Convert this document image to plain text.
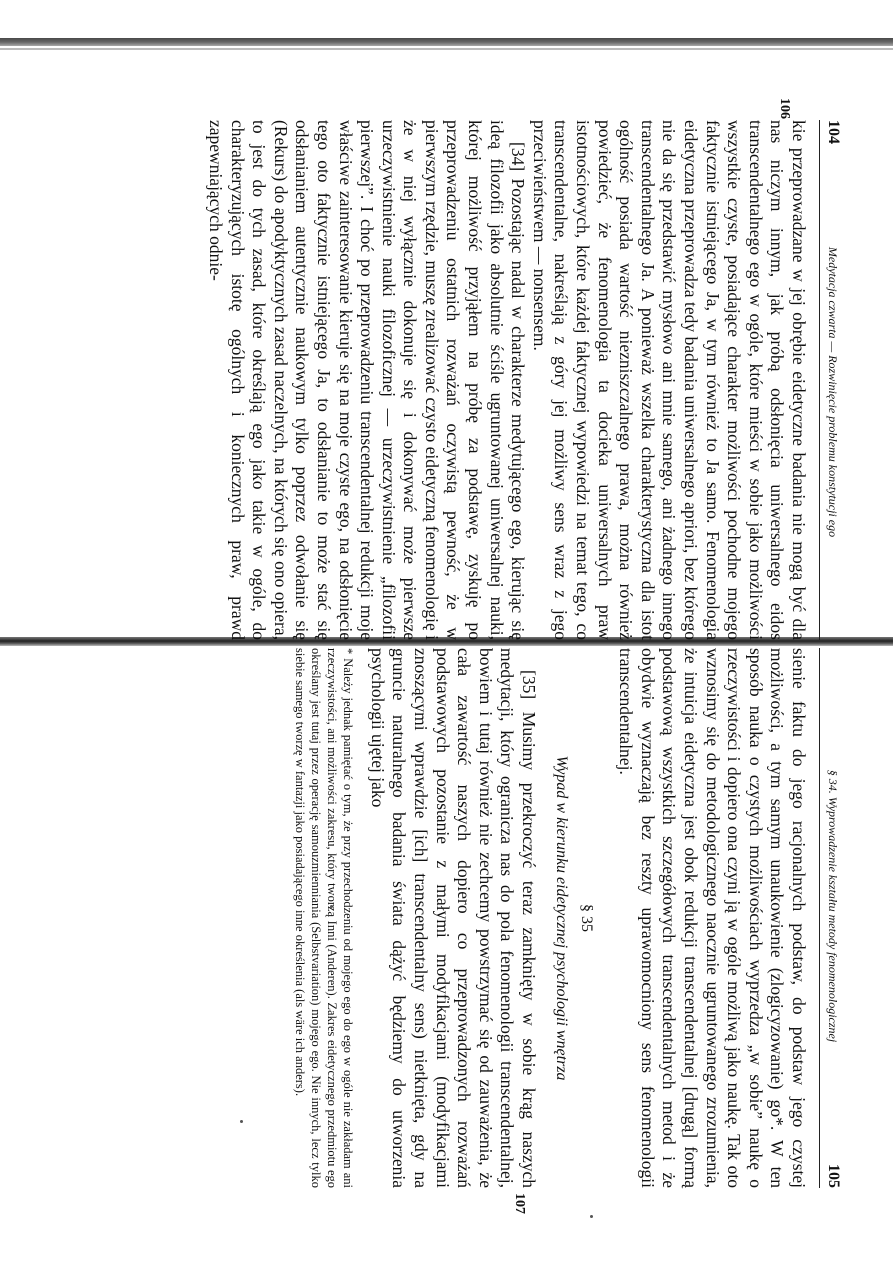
104
Medytacja czwarta — Rozwinięcie problemu konstytucji ego
106

kie przeprowadzane w jej obrębie eidetyczne badania nie mogą być dla nas niczym innym, jak próbą odsłonięcia uniwersalnego eidos transcendentalnego ego w ogóle, które mieści w sobie jako możliwości wszystkie czyste, posiadające charakter możliwości pochodne mojego faktycznie istniejącego Ja, w tym również to Ja samo. Fenomenologia eidetyczna przeprowadza tedy badania uniwersalnego apriori, bez którego nie da się przedstawić mysłowo ani mnie samego, ani żadnego innego transcendentalnego Ja. A ponieważ wszelka charakterystyczna dla istot ogólność posiada wartość niezniszczalnego prawa, można również powiedzieć, że fenomenologia ta dociekа uniwersalnych praw istotnościowych, które każdej faktycznej wypowiedzi na temat tego, co transcendentalne, nakreślają z góry jej możliwy sens wraz z jego przeciwieństwem — nonsensem.

[34] Pozostając nadal w charakterze medytującego ego, kierując się ideą filozofii jako absolutnie ściśle ugruntowanej uniwersalnej nauki, której możliwość przyjąłem na próbę za podstawę, zyskuję po przeprowadzeniu ostatnich rozważań oczywistą pewność, że w pierwszym rzędzie, muszę zrealizować czysto eidetyczną fenomenologię i że w niej wyłącznie dokonuje się i dokonywać może pierwsze urzeczywistnienie nauki filozoficznej — urzeczywistnienie „filozofii pierwszej”. I choć po przeprowadzeniu transcendentalnej redukcji moje właściwe zainteresowanie kieruje się na moje czyste ego, na odsłonięcie tego oto faktycznie istniejącego Ja, to odsłanianie to może stać się odsłanianiem autentycznie naukowym tylko poprzez odwołanie się (Rekurs) do apodyktycznych zasad naczelnych, na których się ono opiera, to jest do tych zasad, które określają ego jako takie w ogóle, do charakteryzujących istotę ogólnych i koniecznych praw, prawd zapewniających odnie-

§ 34. Wyprowadzenie kształtu metody fenomenologicznej
105
107

sienie faktu do jego racjonalnych podstaw, do podstaw jego czystej możliwości, a tym samym unaukowienie (zlogicyzowanie) go*. W ten sposób nauka o czystych możliwościach wyprzedza „w sobie” naukę o rzeczywistości i dopiero ona czyni ją w ogóle możliwą jako naukę. Tak oto wznosimy się do metodologicznego naocznie ugruntowanego zrozumienia, że intuicja eidetyczna jest obok redukcji transcendentalnej [drugą] formą podstawową wszystkich szczegółowych transcendentalnych metod i że obydwie wyznaczają bez reszty uprawomocniony sens fenomenologii transcendentalnej.

§ 35
Wypad w kierunku eidetycznej psychologii wnętrza

[35] Musimy przekroczyć teraz zamknięty w sobie krąg naszych medytacji, który ogranicza nas do pola fenomenologii transcendentalnej, bowiem i tutaj również nie zechcemy powstrzymać się od zauważenia, że cała zawartość naszych dopiero co przeprowadzonych rozważań podstawowych pozostanie z małymi modyfikacjami (modyfikacjami znoszącymi wprawdzie [ich] transcendentalny sens) nietknięta, gdy na gruncie naturalnego badania świata dążyć będziemy do utworzenia psychologii ujętej jako

* Należy jednak pamiętać o tym, że przy przechodzeniu od mojego ego do ego w ogóle nie zakładam ani rzeczywistości, ani możliwości zakresu, który tworzą Inni (Anderen). Zakres eidetycznego przedmiotu ego określany jest tutaj przez operację samouzmienniania (Selbstvariation) mojego ego. Nie innych, lecz tylko siebie samego tworzę w fantazji jako posiadającego inne określenia (als wäre ich anders).
